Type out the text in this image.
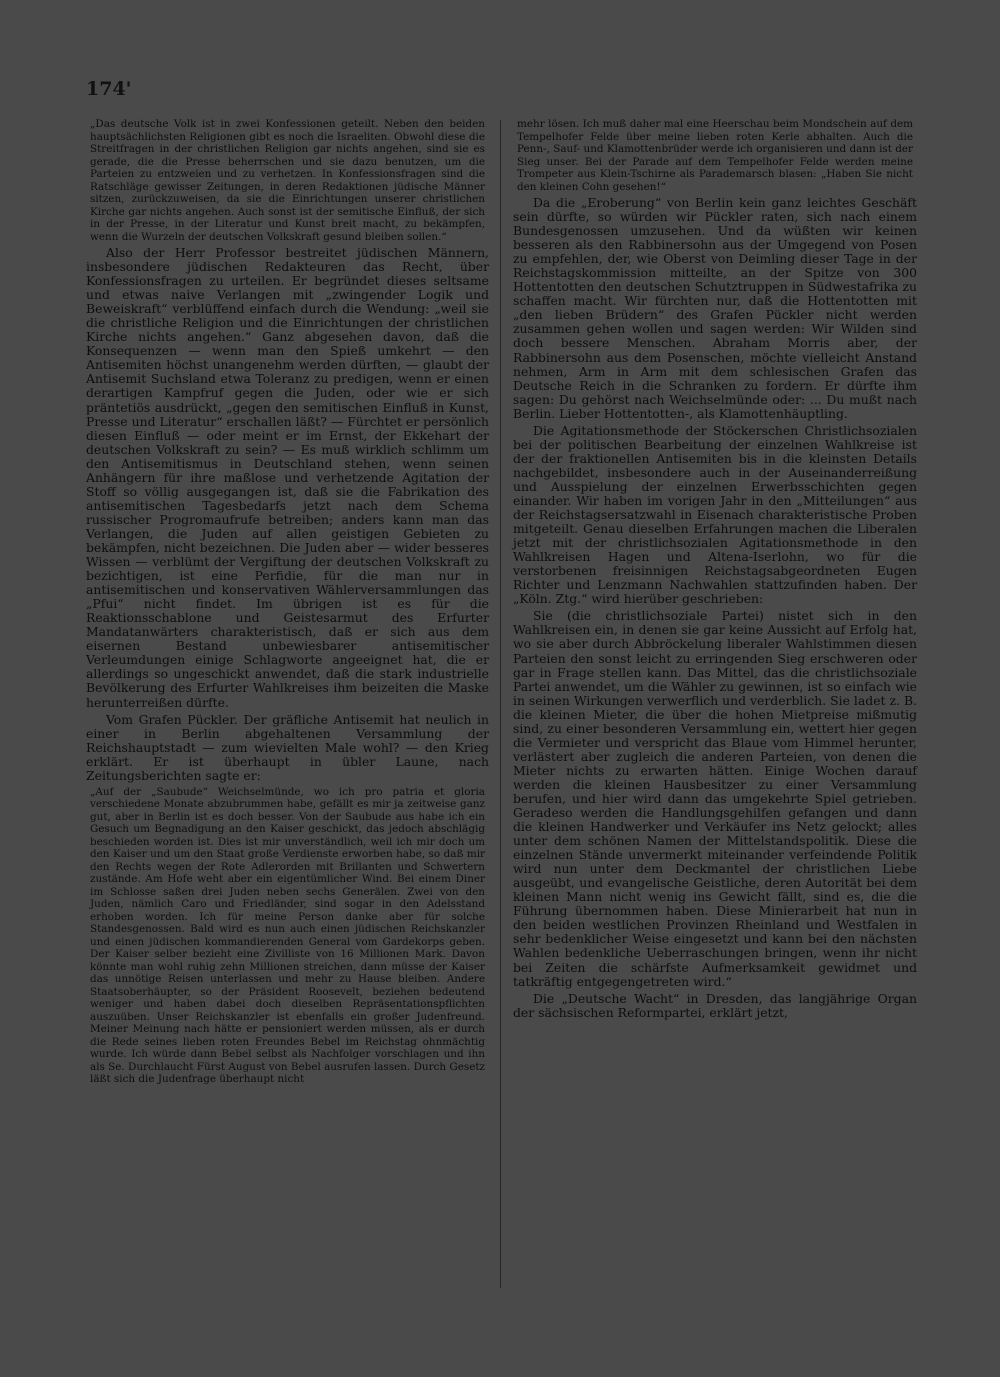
174'

„Das deutsche Volk ist in zwei Konfessionen geteilt. Neben den beiden hauptsächlichsten Religionen gibt es noch die Israeliten. Obwohl diese die Streitfragen in der christlichen Religion gar nichts angehen, sind sie es gerade, die die Presse beherrschen und sie dazu benutzen, um die Parteien zu entzweien und zu verhetzen. In Konfessionsfragen sind die Ratschläge gewisser Zeitungen, in deren Redaktionen jüdische Männer sitzen, zurückzuweisen, da sie die Einrichtungen unserer christlichen Kirche gar nichts angehen. Auch sonst ist der semitische Einfluß, der sich in der Presse, in der Literatur und Kunst breit macht, zu bekämpfen, wenn die Wurzeln der deutschen Volkskraft gesund bleiben sollen.“

Also der Herr Professor bestreitet jüdischen Männern, insbesondere jüdischen Redakteuren das Recht, über Konfessionsfragen zu urteilen. Er begründet dieses seltsame und etwas naive Verlangen mit „zwingender Logik und Beweiskraft“ verblüffend einfach durch die Wendung: „weil sie die christliche Religion und die Einrichtungen der christlichen Kirche nichts angehen.“ Ganz abgesehen davon, daß die Konsequenzen — wenn man den Spieß umkehrt — den Antisemiten höchst unangenehm werden dürften, — glaubt der Antisemit Suchsland etwa Toleranz zu predigen, wenn er einen derartigen Kampfruf gegen die Juden, oder wie er sich präntetiös ausdrückt, „gegen den semitischen Einfluß in Kunst, Presse und Literatur“ erschallen läßt? — Fürchtet er persönlich diesen Einfluß — oder meint er im Ernst, der Ekkehart der deutschen Volkskraft zu sein? — Es muß wirklich schlimm um den Antisemitismus in Deutschland stehen, wenn seinen Anhängern für ihre maßlose und verhetzende Agitation der Stoff so völlig ausgegangen ist, daß sie die Fabrikation des antisemitischen Tagesbedarfs jetzt nach dem Schema russischer Progromaufrufe betreiben; anders kann man das Verlangen, die Juden auf allen geistigen Gebieten zu bekämpfen, nicht bezeichnen. Die Juden aber — wider besseres Wissen — verblümt der Vergiftung der deutschen Volkskraft zu bezichtigen, ist eine Perfidie, für die man nur in antisemitischen und konservativen Wählerversammlungen das „Pfui“ nicht findet. Im übrigen ist es für die Reaktionsschablone und Geistesarmut des Erfurter Mandatanwärters charakteristisch, daß er sich aus dem eisernen Bestand unbewiesbarer antisemitischer Verleumdungen einige Schlagworte angeeignet hat, die er allerdings so ungeschickt anwendet, daß die stark industrielle Bevölkerung des Erfurter Wahlkreises ihm beizeiten die Maske herunterreißen dürfte.

Vom Grafen Pückler. Der gräfliche Antisemit hat neulich in einer in Berlin abgehaltenen Versammlung der Reichshauptstadt — zum wievielten Male wohl? — den Krieg erklärt. Er ist überhaupt in übler Laune, nach Zeitungsberichten sagte er:

„Auf der „Saubude“ Weichselmünde, wo ich pro patria et gloria verschiedene Monate abzubrummen habe, gefällt es mir ja zeitweise ganz gut, aber in Berlin ist es doch besser. Von der Saubude aus habe ich ein Gesuch um Begnadigung an den Kaiser geschickt, das jedoch abschlägig beschieden worden ist. Dies ist mir unverständlich, weil ich mir doch um den Kaiser und um den Staat große Verdienste erworben habe, so daß mir den Rechts wegen der Rote Adlerorden mit Brillanten und Schwertern zustände. Am Hofe weht aber ein eigentümlicher Wind. Bei einem Diner im Schlosse saßen drei Juden neben sechs Generälen. Zwei von den Juden, nämlich Caro und Friedländer, sind sogar in den Adelsstand erhoben worden. Ich für meine Person danke aber für solche Standesgenossen. Bald wird es nun auch einen jüdischen Reichskanzler und einen jüdischen kommandierenden General vom Gardekorps geben. Der Kaiser selber bezieht eine Zivilliste von 16 Millionen Mark. Davon könnte man wohl ruhig zehn Millionen streichen, dann müsse der Kaiser das unnötige Reisen unterlassen und mehr zu Hause bleiben. Andere Staatsoberhäupter, so der Präsident Roosevelt, beziehen bedeutend weniger und haben dabei doch dieselben Repräsentationspflichten auszuüben. Unser Reichskanzler ist ebenfalls ein großer Judenfreund. Meiner Meinung nach hätte er pensioniert werden müssen, als er durch die Rede seines lieben roten Freundes Bebel im Reichstag ohnmächtig wurde. Ich würde dann Bebel selbst als Nachfolger vorschlagen und ihn als Se. Durchlaucht Fürst August von Bebel ausrufen lassen. Durch Gesetz läßt sich die Judenfrage überhaupt nicht

mehr lösen. Ich muß daher mal eine Heerschau beim Mondschein auf dem Tempelhofer Felde über meine lieben roten Kerle abhalten. Auch die Penn-, Sauf- und Klamottenbrüder werde ich organisieren und dann ist der Sieg unser. Bei der Parade auf dem Tempelhofer Felde werden meine Trompeter aus Klein-Tschirne als Parademarsch blasen: „Haben Sie nicht den kleinen Cohn gesehen!“

Da die „Eroberung“ von Berlin kein ganz leichtes Geschäft sein dürfte, so würden wir Pückler raten, sich nach einem Bundesgenossen umzusehen. Und da wüßten wir keinen besseren als den Rabbinersohn aus der Umgegend von Posen zu empfehlen, der, wie Oberst von Deimling dieser Tage in der Reichstagskommission mitteilte, an der Spitze von 300 Hottentotten den deutschen Schutztruppen in Südwestafrika zu schaffen macht. Wir fürchten nur, daß die Hottentotten mit „den lieben Brüdern“ des Grafen Pückler nicht werden zusammen gehen wollen und sagen werden: Wir Wilden sind doch bessere Menschen. Abraham Morris aber, der Rabbinersohn aus dem Posenschen, möchte vielleicht Anstand nehmen, Arm in Arm mit dem schlesischen Grafen das Deutsche Reich in die Schranken zu fordern. Er dürfte ihm sagen: Du gehörst nach Weichselmünde oder: ... Du mußt nach Berlin. Lieber Hottentotten-, als Klamottenhäuptling.

Die Agitationsmethode der Stöckerschen Christlichsozialen bei der politischen Bearbeitung der einzelnen Wahlkreise ist der der fraktionellen Antisemiten bis in die kleinsten Details nachgebildet, insbesondere auch in der Auseinanderreißung und Ausspielung der einzelnen Erwerbsschichten gegen einander. Wir haben im vorigen Jahr in den „Mitteilungen“ aus der Reichstagsersatzwahl in Eisenach charakteristische Proben mitgeteilt. Genau dieselben Erfahrungen machen die Liberalen jetzt mit der christlichsozialen Agitationsmethode in den Wahlkreisen Hagen und Altena-Iserlohn, wo für die verstorbenen freisinnigen Reichstagsabgeordneten Eugen Richter und Lenzmann Nachwahlen stattzufinden haben. Der „Köln. Ztg.“ wird hierüber geschrieben:

Sie (die christlichsoziale Partei) nistet sich in den Wahlkreisen ein, in denen sie gar keine Aussicht auf Erfolg hat, wo sie aber durch Abbröckelung liberaler Wahlstimmen diesen Parteien den sonst leicht zu erringenden Sieg erschweren oder gar in Frage stellen kann. Das Mittel, das die christlichsoziale Partei anwendet, um die Wähler zu gewinnen, ist so einfach wie in seinen Wirkungen verwerflich und verderblich. Sie ladet z. B. die kleinen Mieter, die über die hohen Mietpreise mißmutig sind, zu einer besonderen Versammlung ein, wettert hier gegen die Vermieter und verspricht das Blaue vom Himmel herunter, verlästert aber zugleich die anderen Parteien, von denen die Mieter nichts zu erwarten hätten. Einige Wochen darauf werden die kleinen Hausbesitzer zu einer Versammlung berufen, und hier wird dann das umgekehrte Spiel getrieben. Geradeso werden die Handlungsgehilfen gefangen und dann die kleinen Handwerker und Verkäufer ins Netz gelockt; alles unter dem schönen Namen der Mittelstandspolitik. Diese die einzelnen Stände unvermerkt miteinander verfeindende Politik wird nun unter dem Deckmantel der christlichen Liebe ausgeübt, und evangelische Geistliche, deren Autorität bei dem kleinen Mann nicht wenig ins Gewicht fällt, sind es, die die Führung übernommen haben. Diese Minierarbeit hat nun in den beiden westlichen Provinzen Rheinland und Westfalen in sehr bedenklicher Weise eingesetzt und kann bei den nächsten Wahlen bedenkliche Ueberraschungen bringen, wenn ihr nicht bei Zeiten die schärfste Aufmerksamkeit gewidmet und tatkräftig entgegengetreten wird.“

Die „Deutsche Wacht“ in Dresden, das langjährige Organ der sächsischen Reformpartei, erklärt jetzt,
